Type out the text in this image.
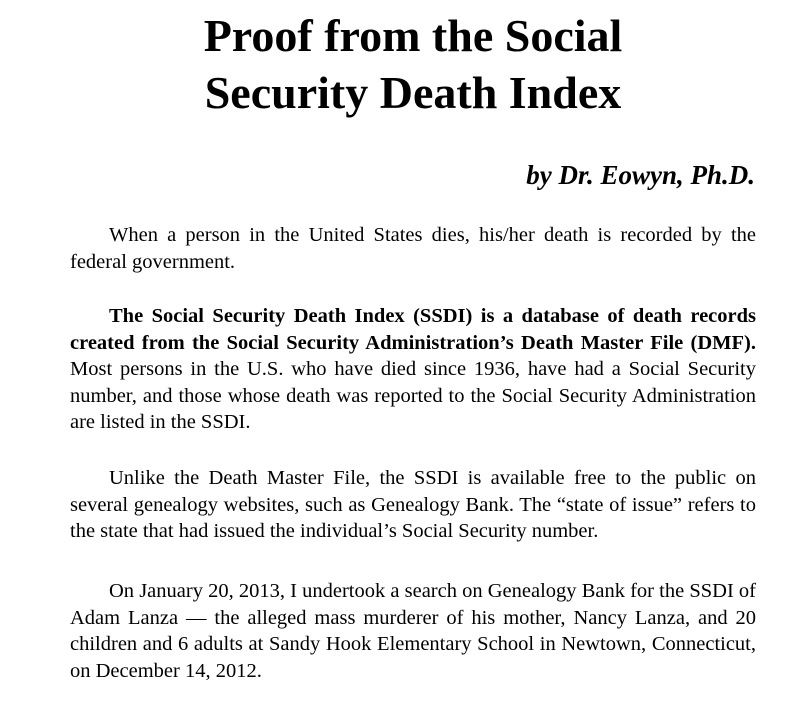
Proof from the Social
Security Death Index

by Dr. Eowyn, Ph.D.

When a person in the United States dies, his/her death is recorded by the federal government.

The Social Security Death Index (SSDI) is a database of death records created from the Social Security Administration’s Death Master File (DMF). Most persons in the U.S. who have died since 1936, have had a Social Security number, and those whose death was reported to the Social Security Administration are listed in the SSDI.

Unlike the Death Master File, the SSDI is available free to the public on several genealogy websites, such as Genealogy Bank. The “state of issue” refers to the state that had issued the individual’s Social Security number.

On January 20, 2013, I undertook a search on Genealogy Bank for the SSDI of Adam Lanza — the alleged mass murderer of his mother, Nancy Lanza, and 20 children and 6 adults at Sandy Hook Elementary School in Newtown, Connecticut, on December 14, 2012.
